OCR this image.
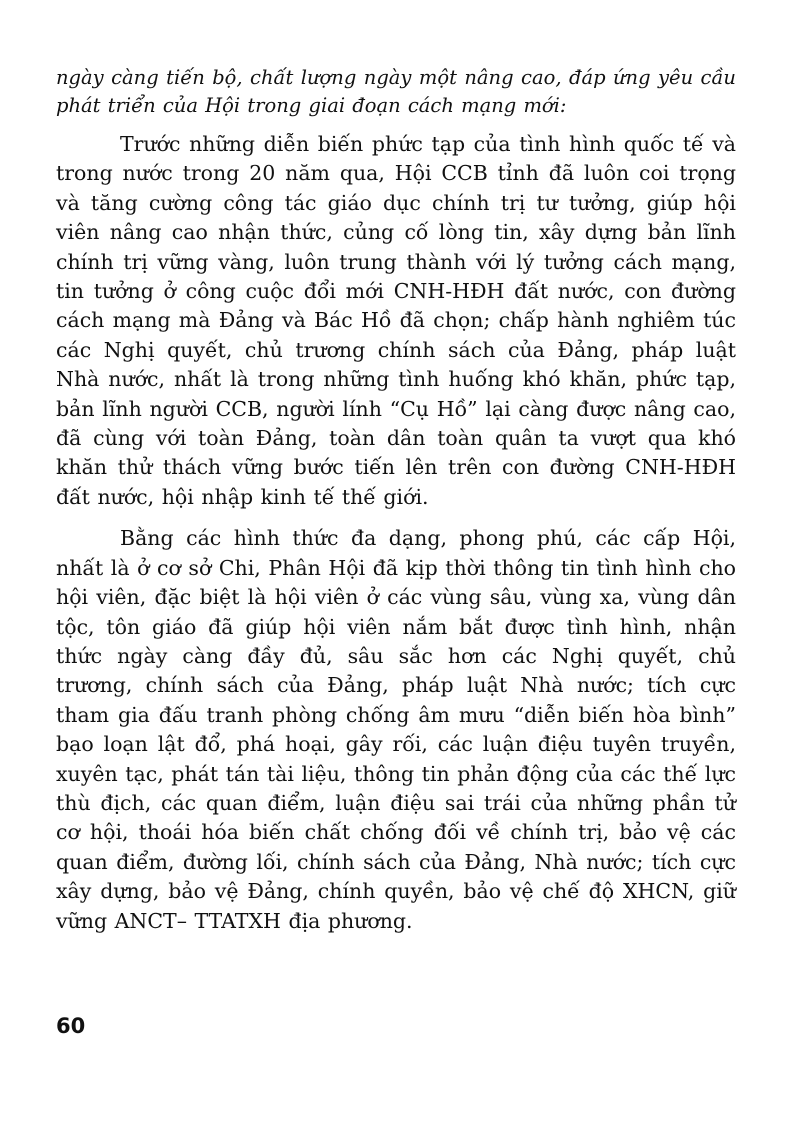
ngày càng tiến bộ, chất lượng ngày một nâng cao, đáp ứng yêu cầu phát triển của Hội trong giai đoạn cách mạng mới:

Trước những diễn biến phức tạp của tình hình quốc tế và trong nước trong 20 năm qua, Hội CCB tỉnh đã luôn coi trọng và tăng cường công tác giáo dục chính trị tư tưởng, giúp hội viên nâng cao nhận thức, củng cố lòng tin, xây dựng bản lĩnh chính trị vững vàng, luôn trung thành với lý tưởng cách mạng, tin tưởng ở công cuộc đổi mới CNH-HĐH đất nước, con đường cách mạng mà Đảng và Bác Hồ đã chọn; chấp hành nghiêm túc các Nghị quyết, chủ trương chính sách của Đảng, pháp luật Nhà nước, nhất là trong những tình huống khó khăn, phức tạp, bản lĩnh người CCB, người lính “Cụ Hồ” lại càng được nâng cao, đã cùng với toàn Đảng, toàn dân toàn quân ta vượt qua khó khăn thử thách vững bước tiến lên trên con đường CNH-HĐH đất nước, hội nhập kinh tế thế giới.

Bằng các hình thức đa dạng, phong phú, các cấp Hội, nhất là ở cơ sở Chi, Phân Hội đã kịp thời thông tin tình hình cho hội viên, đặc biệt là hội viên ở các vùng sâu, vùng xa, vùng dân tộc, tôn giáo đã giúp hội viên nắm bắt được tình hình, nhận thức ngày càng đầy đủ, sâu sắc hơn các Nghị quyết, chủ trương, chính sách của Đảng, pháp luật Nhà nước; tích cực tham gia đấu tranh phòng chống âm mưu “diễn biến hòa bình” bạo loạn lật đổ, phá hoại, gây rối, các luận điệu tuyên truyền, xuyên tạc, phát tán tài liệu, thông tin phản động của các thế lực thù địch, các quan điểm, luận điệu sai trái của những phần tử cơ hội, thoái hóa biến chất chống đối về chính trị, bảo vệ các quan điểm, đường lối, chính sách của Đảng, Nhà nước; tích cực xây dựng, bảo vệ Đảng, chính quyền, bảo vệ chế độ XHCN, giữ vững ANCT– TTATXH địa phương.

60
